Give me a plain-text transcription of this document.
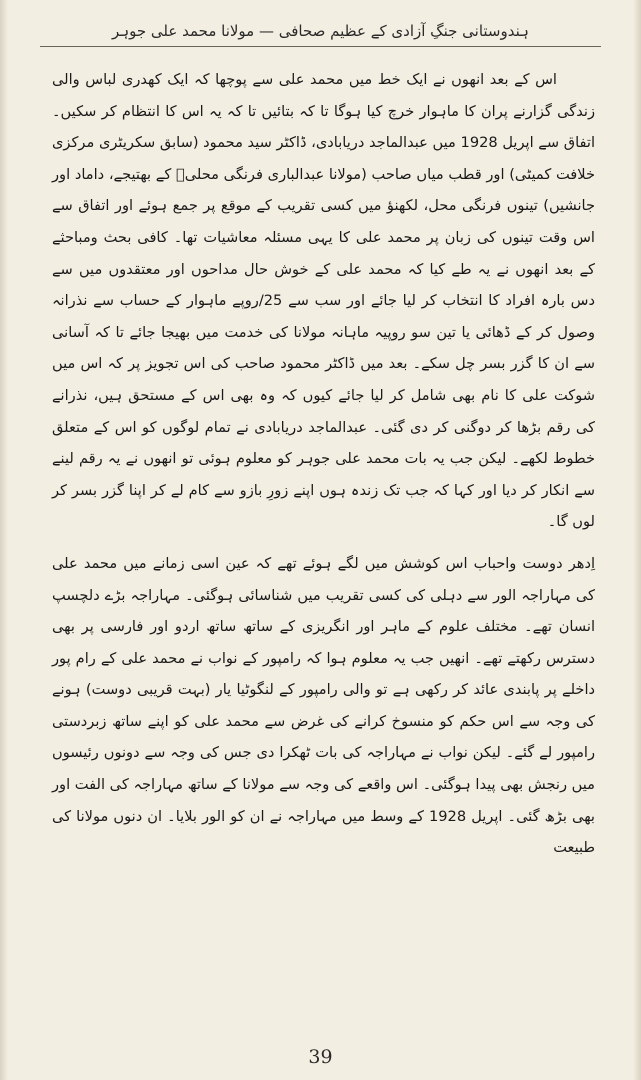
ہندوستانی جنگِ آزادی کے عظیم صحافی — مولانا محمد علی جوہر

اس کے بعد انھوں نے ایک خط میں محمد علی سے پوچھا کہ ایک کھدری لباس والی زندگی گزارنے پران کا ماہوار خرچ کیا ہوگا تا کہ بتائیں تا کہ یہ اس کا انتظام کر سکیں۔ اتفاق سے اپریل 1928 میں عبدالماجد دریابادی، ڈاکٹر سید محمود (سابق سکریٹری مرکزی خلافت کمیٹی) اور قطب میاں صاحب (مولانا عبدالباری فرنگی محلیؒ کے بھتیجے، داماد اور جانشیں) تینوں فرنگی محل، لکھنؤ میں کسی تقریب کے موقع پر جمع ہوئے اور اتفاق سے اس وقت تینوں کی زبان پر محمد علی کا یہی مسئلہ معاشیات تھا۔ کافی بحث ومباحثے کے بعد انھوں نے یہ طے کیا کہ محمد علی کے خوش حال مداحوں اور معتقدوں میں سے دس بارہ افراد کا انتخاب کر لیا جائے اور سب سے 25/روپے ماہوار کے حساب سے نذرانہ وصول کر کے ڈھائی یا تین سو روپیہ ماہانہ مولانا کی خدمت میں بھیجا جائے تا کہ آسانی سے ان کا گزر بسر چل سکے۔ بعد میں ڈاکٹر محمود صاحب کی اس تجویز پر کہ اس میں شوکت علی کا نام بھی شامل کر لیا جائے کیوں کہ وہ بھی اس کے مستحق ہیں، نذرانے کی رقم بڑھا کر دوگنی کر دی گئی۔ عبدالماجد دریابادی نے تمام لوگوں کو اس کے متعلق خطوط لکھے۔ لیکن جب یہ بات محمد علی جوہر کو معلوم ہوئی تو انھوں نے یہ رقم لینے سے انکار کر دیا اور کہا کہ جب تک زندہ ہوں اپنے زورِ بازو سے کام لے کر اپنا گزر بسر کر لوں گا۔

اِدھر دوست واحباب اس کوشش میں لگے ہوئے تھے کہ عین اسی زمانے میں محمد علی کی مہاراجہ الور سے دہلی کی کسی تقریب میں شناسائی ہوگئی۔ مہاراجہ بڑے دلچسپ انسان تھے۔ مختلف علوم کے ماہر اور انگریزی کے ساتھ ساتھ اردو اور فارسی پر بھی دسترس رکھتے تھے۔ انھیں جب یہ معلوم ہوا کہ رامپور کے نواب نے محمد علی کے رام پور داخلے پر پابندی عائد کر رکھی ہے تو والی رامپور کے لنگوٹیا یار (بہت قریبی دوست) ہونے کی وجہ سے اس حکم کو منسوخ کرانے کی غرض سے محمد علی کو اپنے ساتھ زبردستی رامپور لے گئے۔ لیکن نواب نے مہاراجہ کی بات ٹھکرا دی جس کی وجہ سے دونوں رئیسوں میں رنجش بھی پیدا ہوگئی۔ اس واقعے کی وجہ سے مولانا کے ساتھ مہاراجہ کی الفت اور بھی بڑھ گئی۔ اپریل 1928 کے وسط میں مہاراجہ نے ان کو الور بلایا۔ ان دنوں مولانا کی طبیعت

39
